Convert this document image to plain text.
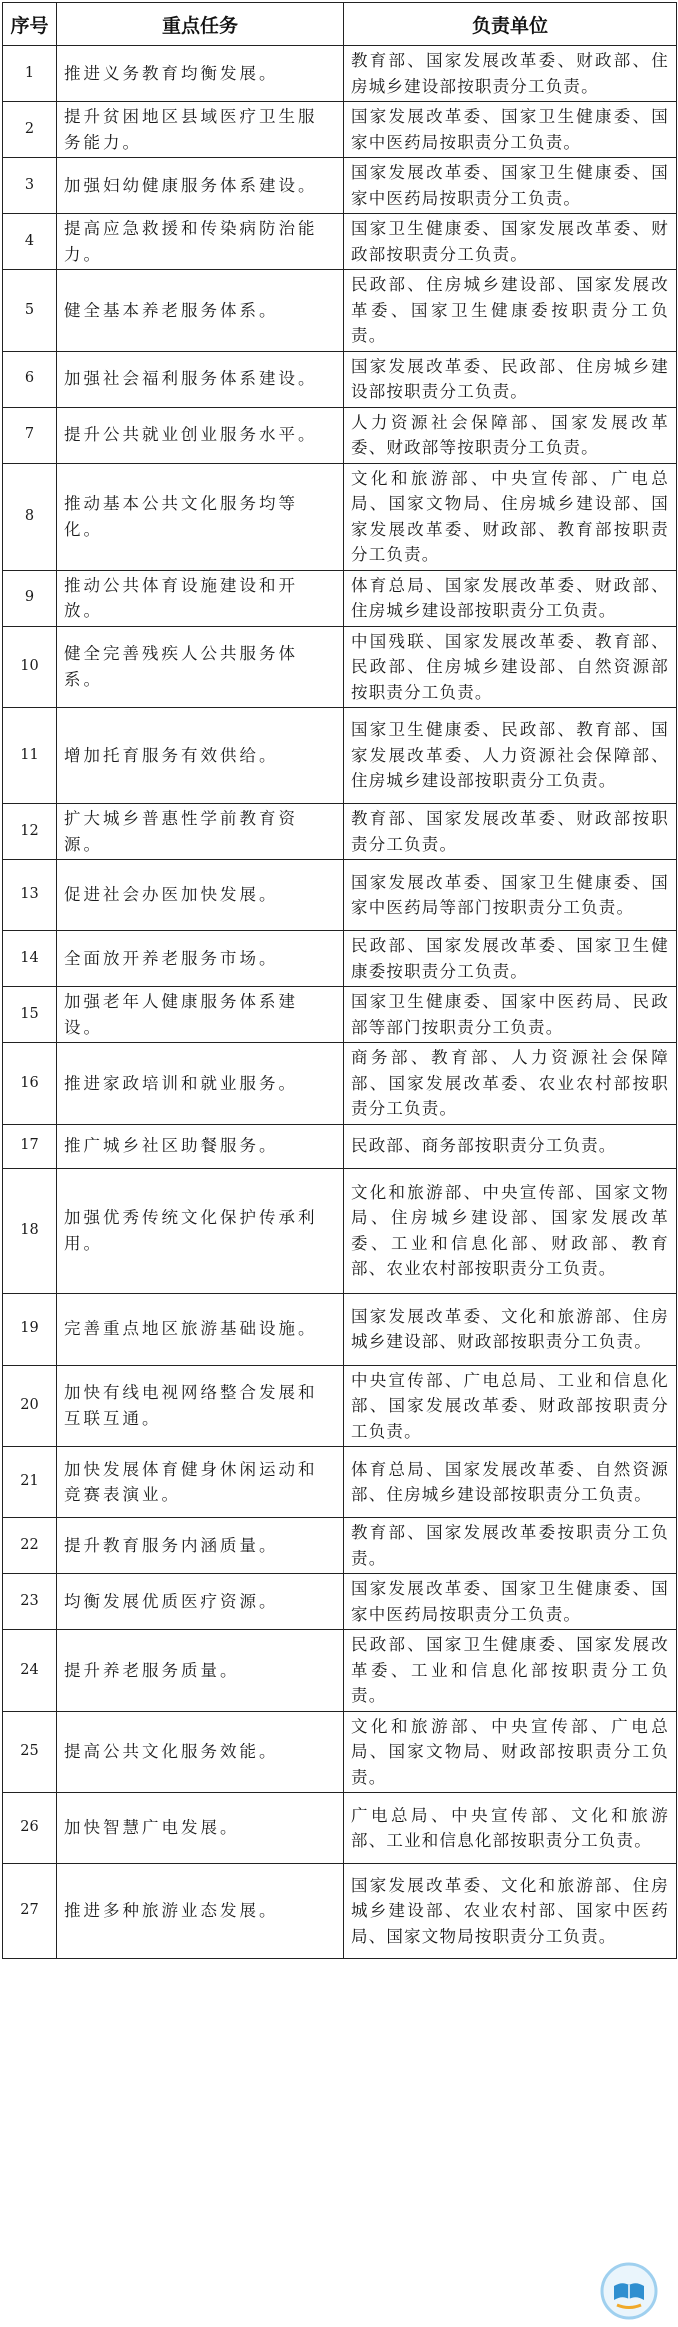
序号	重点任务	负责单位
1	推进义务教育均衡发展。	教育部、国家发展改革委、财政部、住房城乡建设部按职责分工负责。
2	提升贫困地区县域医疗卫生服务能力。	国家发展改革委、国家卫生健康委、国家中医药局按职责分工负责。
3	加强妇幼健康服务体系建设。	国家发展改革委、国家卫生健康委、国家中医药局按职责分工负责。
4	提高应急救援和传染病防治能力。	国家卫生健康委、国家发展改革委、财政部按职责分工负责。
5	健全基本养老服务体系。	民政部、住房城乡建设部、国家发展改革委、国家卫生健康委按职责分工负责。
6	加强社会福利服务体系建设。	国家发展改革委、民政部、住房城乡建设部按职责分工负责。
7	提升公共就业创业服务水平。	人力资源社会保障部、国家发展改革委、财政部等按职责分工负责。
8	推动基本公共文化服务均等化。	文化和旅游部、中央宣传部、广电总局、国家文物局、住房城乡建设部、国家发展改革委、财政部、教育部按职责分工负责。
9	推动公共体育设施建设和开放。	体育总局、国家发展改革委、财政部、住房城乡建设部按职责分工负责。
10	健全完善残疾人公共服务体系。	中国残联、国家发展改革委、教育部、民政部、住房城乡建设部、自然资源部按职责分工负责。
11	增加托育服务有效供给。	国家卫生健康委、民政部、教育部、国家发展改革委、人力资源社会保障部、住房城乡建设部按职责分工负责。
12	扩大城乡普惠性学前教育资源。	教育部、国家发展改革委、财政部按职责分工负责。
13	促进社会办医加快发展。	国家发展改革委、国家卫生健康委、国家中医药局等部门按职责分工负责。
14	全面放开养老服务市场。	民政部、国家发展改革委、国家卫生健康委按职责分工负责。
15	加强老年人健康服务体系建设。	国家卫生健康委、国家中医药局、民政部等部门按职责分工负责。
16	推进家政培训和就业服务。	商务部、教育部、人力资源社会保障部、国家发展改革委、农业农村部按职责分工负责。
17	推广城乡社区助餐服务。	民政部、商务部按职责分工负责。
18	加强优秀传统文化保护传承利用。	文化和旅游部、中央宣传部、国家文物局、住房城乡建设部、国家发展改革委、工业和信息化部、财政部、教育部、农业农村部按职责分工负责。
19	完善重点地区旅游基础设施。	国家发展改革委、文化和旅游部、住房城乡建设部、财政部按职责分工负责。
20	加快有线电视网络整合发展和互联互通。	中央宣传部、广电总局、工业和信息化部、国家发展改革委、财政部按职责分工负责。
21	加快发展体育健身休闲运动和竞赛表演业。	体育总局、国家发展改革委、自然资源部、住房城乡建设部按职责分工负责。
22	提升教育服务内涵质量。	教育部、国家发展改革委按职责分工负责。
23	均衡发展优质医疗资源。	国家发展改革委、国家卫生健康委、国家中医药局按职责分工负责。
24	提升养老服务质量。	民政部、国家卫生健康委、国家发展改革委、工业和信息化部按职责分工负责。
25	提高公共文化服务效能。	文化和旅游部、中央宣传部、广电总局、国家文物局、财政部按职责分工负责。
26	加快智慧广电发展。	广电总局、中央宣传部、文化和旅游部、工业和信息化部按职责分工负责。
27	推进多种旅游业态发展。	国家发展改革委、文化和旅游部、住房城乡建设部、农业农村部、国家中医药局、国家文物局按职责分工负责。
